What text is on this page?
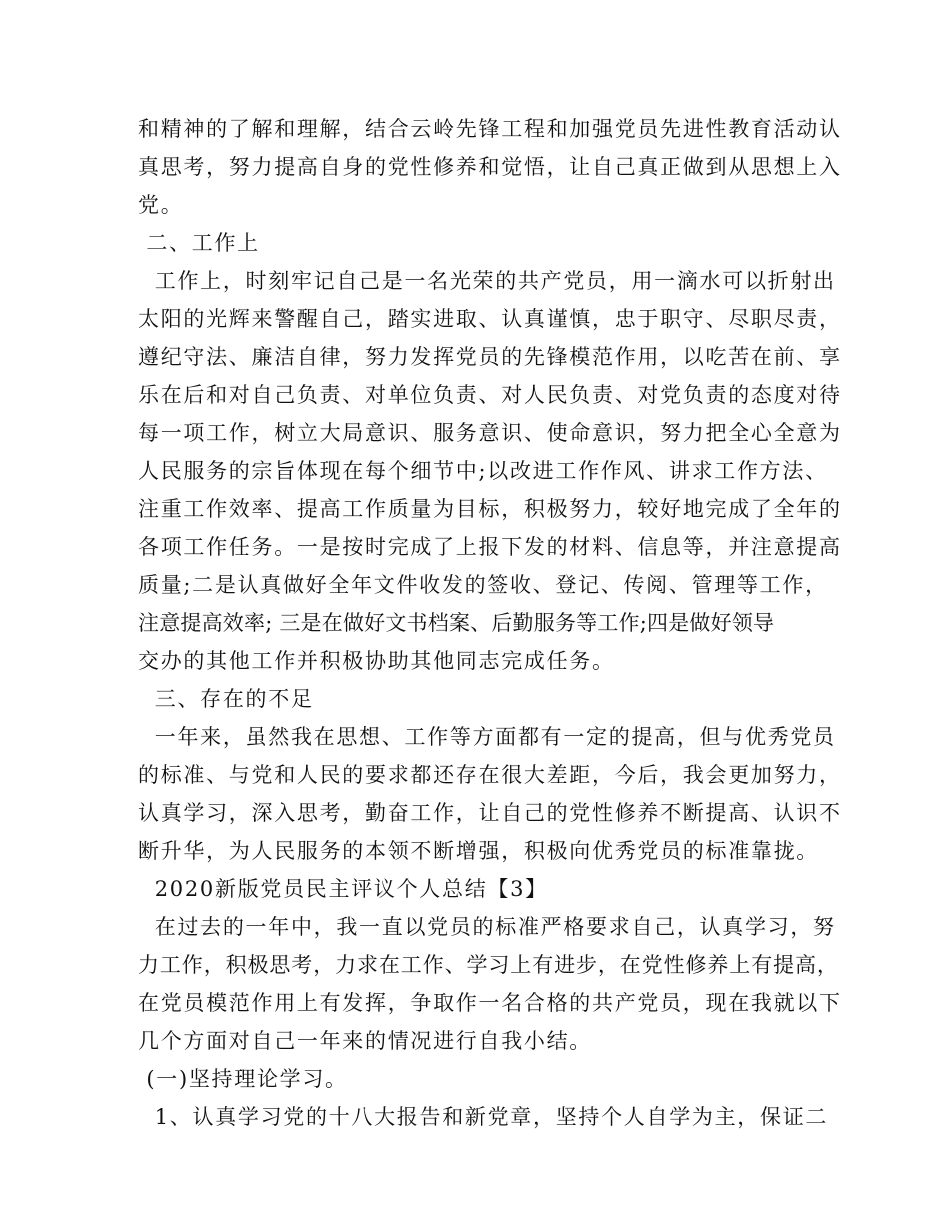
和精神的了解和理解，结合云岭先锋工程和加强党员先进性教育活动认
真思考，努力提高自身的党性修养和觉悟，让自己真正做到从思想上入
党。
二、工作上
工作上，时刻牢记自己是一名光荣的共产党员，用一滴水可以折射出
太阳的光辉来警醒自己，踏实进取、认真谨慎，忠于职守、尽职尽责，
遵纪守法、廉洁自律，努力发挥党员的先锋模范作用，以吃苦在前、享
乐在后和对自己负责、对单位负责、对人民负责、对党负责的态度对待
每一项工作，树立大局意识、服务意识、使命意识，努力把全心全意为
人民服务的宗旨体现在每个细节中;以改进工作作风、讲求工作方法、
注重工作效率、提高工作质量为目标，积极努力，较好地完成了全年的
各项工作任务。一是按时完成了上报下发的材料、信息等，并注意提高
质量;二是认真做好全年文件收发的签收、登记、传阅、管理等工作，
注意提高效率; 三是在做好文书档案、后勤服务等工作;四是做好领导
交办的其他工作并积极协助其他同志完成任务。
三、存在的不足
一年来，虽然我在思想、工作等方面都有一定的提高，但与优秀党员
的标准、与党和人民的要求都还存在很大差距，今后，我会更加努力，
认真学习，深入思考，勤奋工作，让自己的党性修养不断提高、认识不
断升华，为人民服务的本领不断增强，积极向优秀党员的标准靠拢。
2020新版党员民主评议个人总结【3】
在过去的一年中，我一直以党员的标准严格要求自己，认真学习，努
力工作，积极思考，力求在工作、学习上有进步，在党性修养上有提高，
在党员模范作用上有发挥，争取作一名合格的共产党员，现在我就以下
几个方面对自己一年来的情况进行自我小结。
(一)坚持理论学习。
1、认真学习党的十八大报告和新党章，坚持个人自学为主，保证二
